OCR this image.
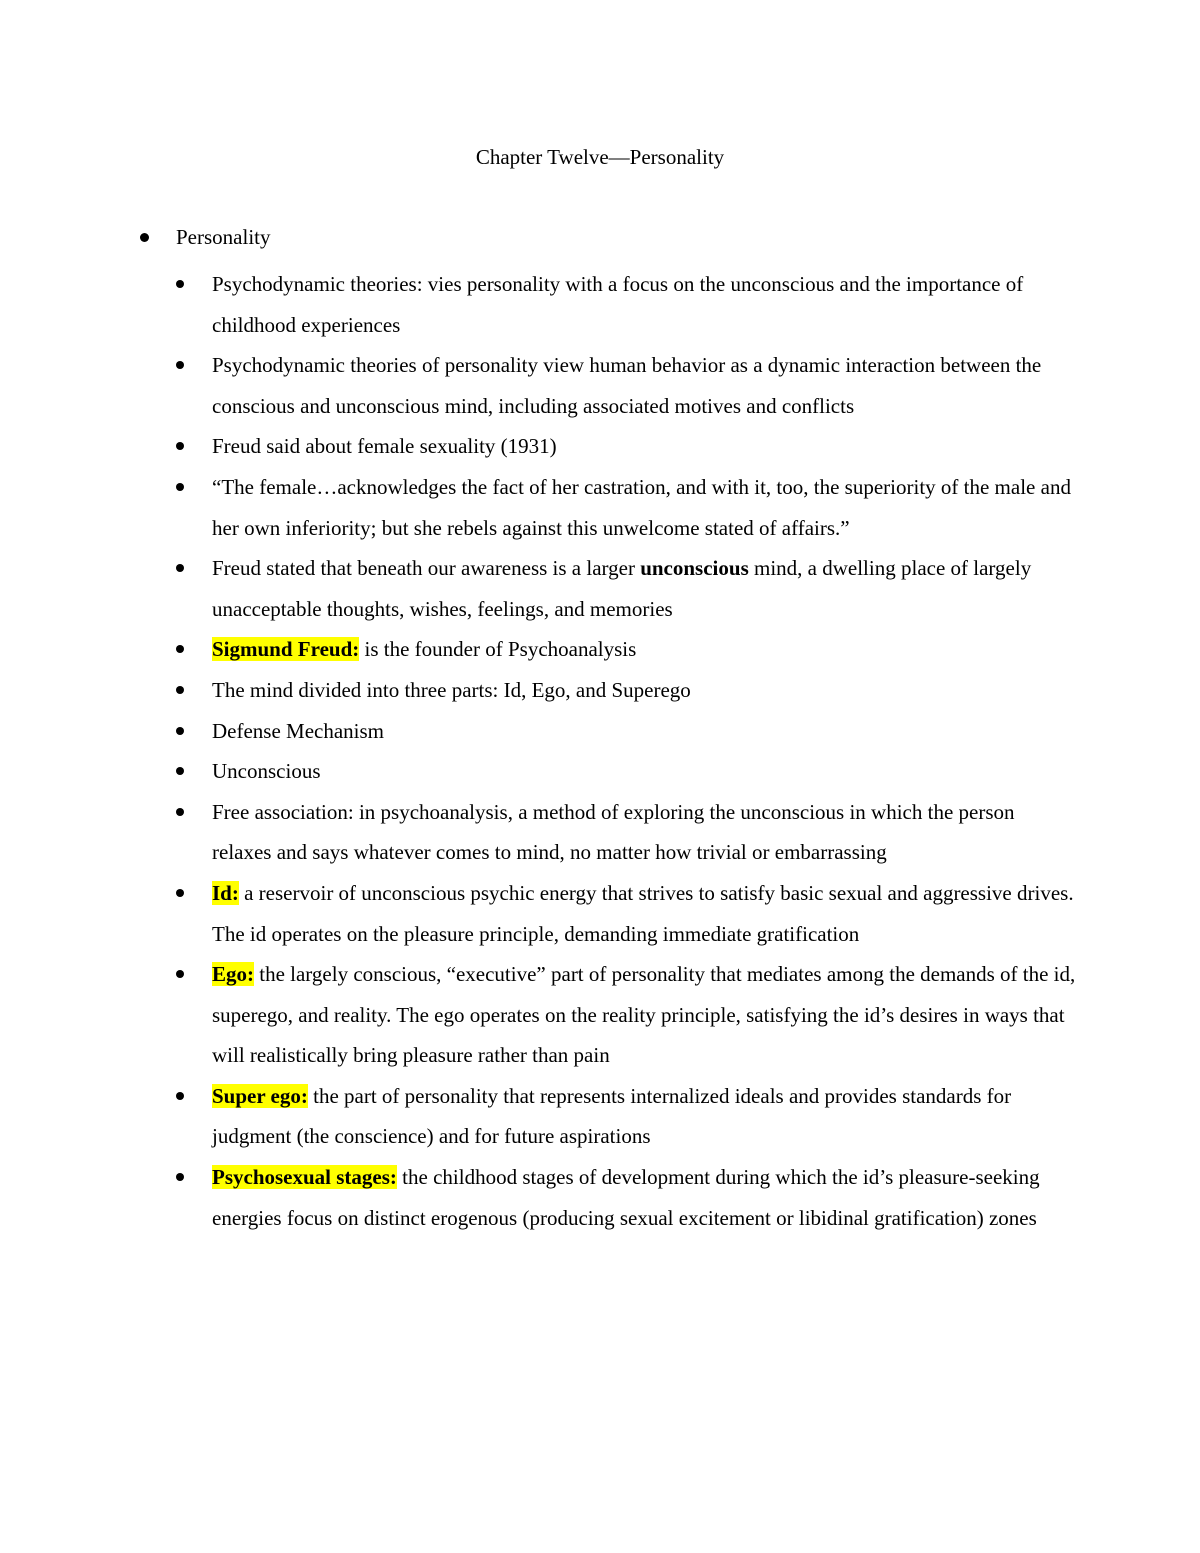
Chapter Twelve—Personality
Personality
Psychodynamic theories: vies personality with a focus on the unconscious and the importance of childhood experiences
Psychodynamic theories of personality view human behavior as a dynamic interaction between the conscious and unconscious mind, including associated motives and conflicts
Freud said about female sexuality (1931)
“The female…acknowledges the fact of her castration, and with it, too, the superiority of the male and her own inferiority; but she rebels against this unwelcome stated of affairs.”
Freud stated that beneath our awareness is a larger unconscious mind, a dwelling place of largely unacceptable thoughts, wishes, feelings, and memories
Sigmund Freud: is the founder of Psychoanalysis
The mind divided into three parts: Id, Ego, and Superego
Defense Mechanism
Unconscious
Free association: in psychoanalysis, a method of exploring the unconscious in which the person relaxes and says whatever comes to mind, no matter how trivial or embarrassing
Id: a reservoir of unconscious psychic energy that strives to satisfy basic sexual and aggressive drives. The id operates on the pleasure principle, demanding immediate gratification
Ego: the largely conscious, “executive” part of personality that mediates among the demands of the id, superego, and reality. The ego operates on the reality principle, satisfying the id’s desires in ways that will realistically bring pleasure rather than pain
Super ego: the part of personality that represents internalized ideals and provides standards for judgment (the conscience) and for future aspirations
Psychosexual stages: the childhood stages of development during which the id’s pleasure-seeking energies focus on distinct erogenous (producing sexual excitement or libidinal gratification) zones
